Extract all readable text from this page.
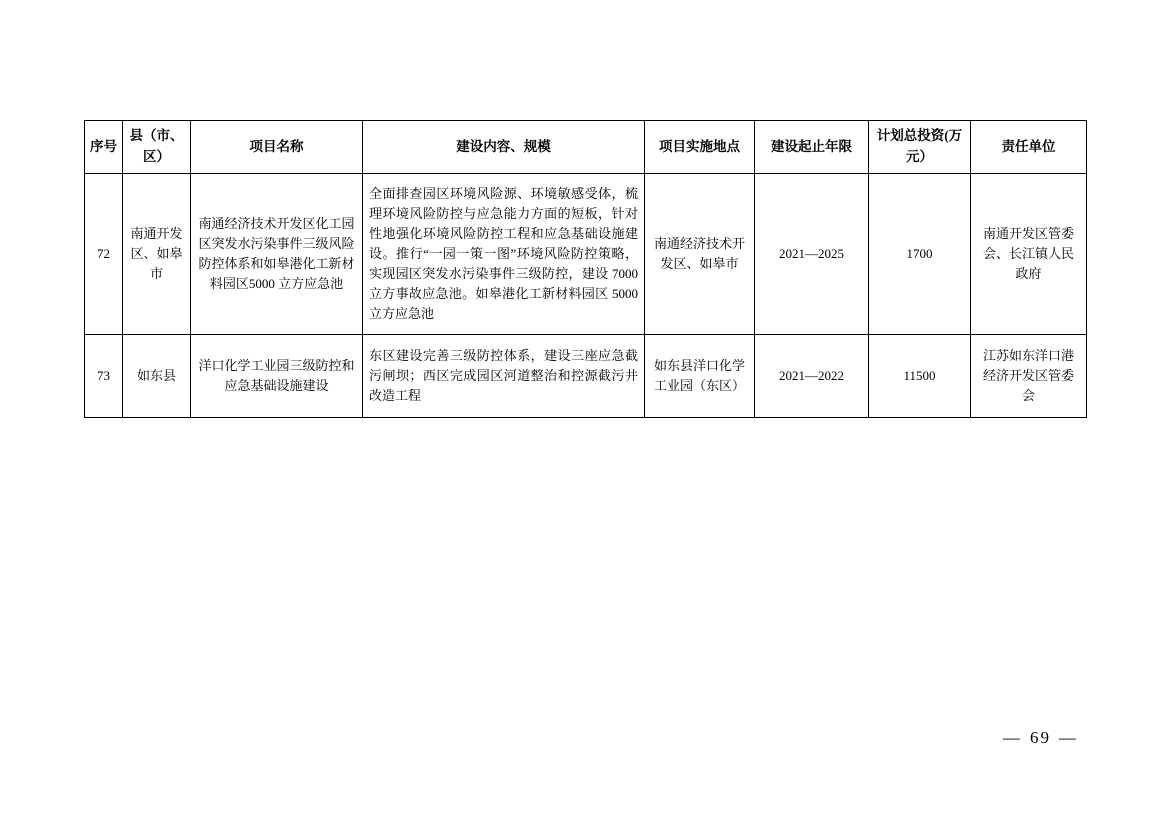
序号	县（市、区）	项目名称	建设内容、规模	项目实施地点	建设起止年限	计划总投资(万元）	责任单位
72	南通开发区、如皋市	南通经济技术开发区化工园区突发水污染事件三级风险防控体系和如皋港化工新材料园区5000 立方应急池	全面排查园区环境风险源、环境敏感受体，梳理环境风险防控与应急能力方面的短板，针对性地强化环境风险防控工程和应急基础设施建设。推行“一园一策一图”环境风险防控策略，实现园区突发水污染事件三级防控，建设 7000 立方事故应急池。如皋港化工新材料园区 5000 立方应急池	南通经济技术开发区、如皋市	2021—2025	1700	南通开发区管委会、长江镇人民政府
73	如东县	洋口化学工业园三级防控和应急基础设施建设	东区建设完善三级防控体系，建设三座应急截污闸坝；西区完成园区河道整治和控源截污井改造工程	如东县洋口化学工业园（东区）	2021—2022	11500	江苏如东洋口港经济开发区管委会
— 69 —
